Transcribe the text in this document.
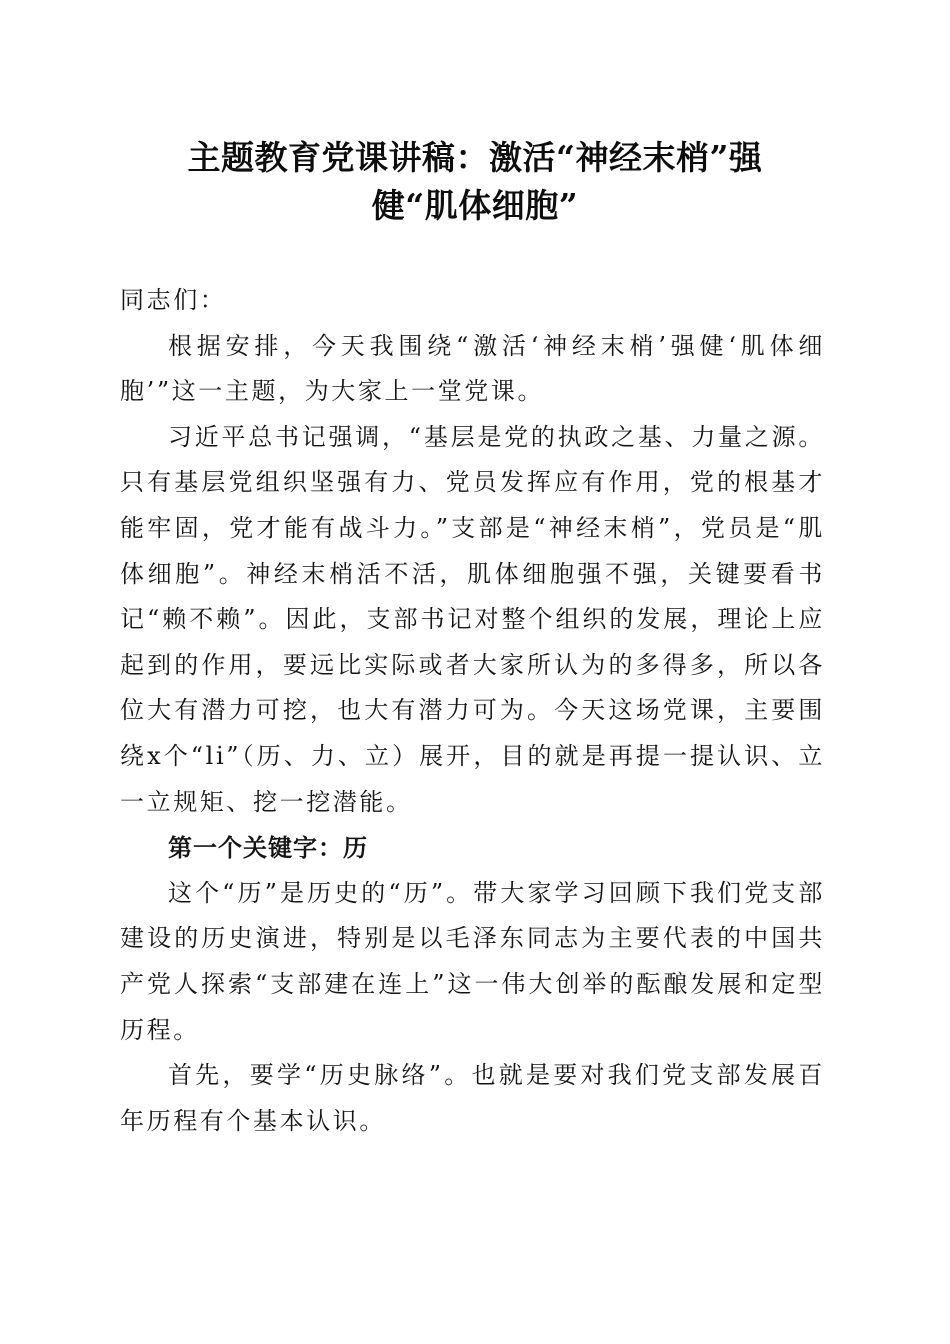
主题教育党课讲稿：激活“神经末梢”强
健“肌体细胞”

同志们：

根据安排，今天我围绕“激活‘神经末梢’强健‘肌体细胞’”这一主题，为大家上一堂党课。

习近平总书记强调，“基层是党的执政之基、力量之源。只有基层党组织坚强有力、党员发挥应有作用，党的根基才能牢固，党才能有战斗力。”支部是“神经末梢”，党员是“肌体细胞”。神经末梢活不活，肌体细胞强不强，关键要看书记“赖不赖”。因此，支部书记对整个组织的发展，理论上应起到的作用，要远比实际或者大家所认为的多得多，所以各位大有潜力可挖，也大有潜力可为。今天这场党课，主要围绕x个“li”（历、力、立）展开，目的就是再提一提认识、立一立规矩、挖一挖潜能。

第一个关键字：历

这个“历”是历史的“历”。带大家学习回顾下我们党支部建设的历史演进，特别是以毛泽东同志为主要代表的中国共产党人探索“支部建在连上”这一伟大创举的酝酿发展和定型历程。

首先，要学“历史脉络”。也就是要对我们党支部发展百年历程有个基本认识。
